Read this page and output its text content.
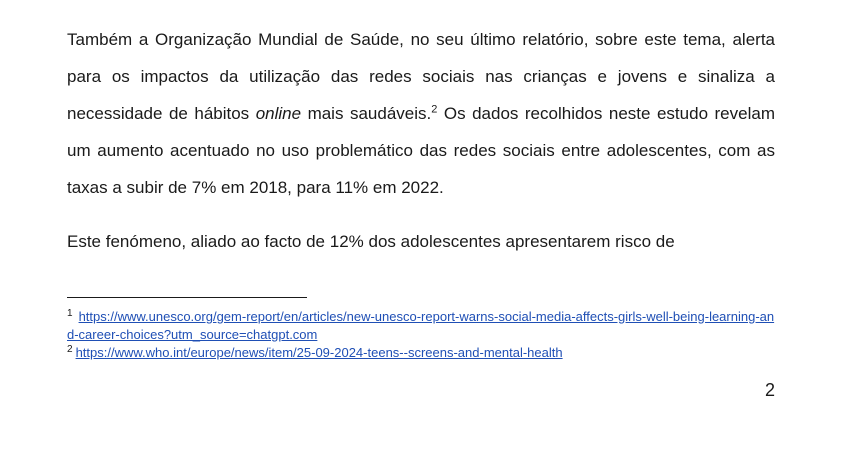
Também a Organização Mundial de Saúde, no seu último relatório, sobre este tema, alerta para os impactos da utilização das redes sociais nas crianças e jovens e sinaliza a necessidade de hábitos online mais saudáveis.$^2$ Os dados recolhidos neste estudo revelam um aumento acentuado no uso problemático das redes sociais entre adolescentes, com as taxas a subir de 7% em 2018, para 11% em 2022.

Este fenómeno, aliado ao facto de 12% dos adolescentes apresentarem risco de

$^1$ https://www.unesco.org/gem-report/en/articles/new-unesco-report-warns-social-media-affects-girls-well-being-learning-and-career-choices?utm_source=chatgpt.com

$^2$ https://www.who.int/europe/news/item/25-09-2024-teens--screens-and-mental-health

2
